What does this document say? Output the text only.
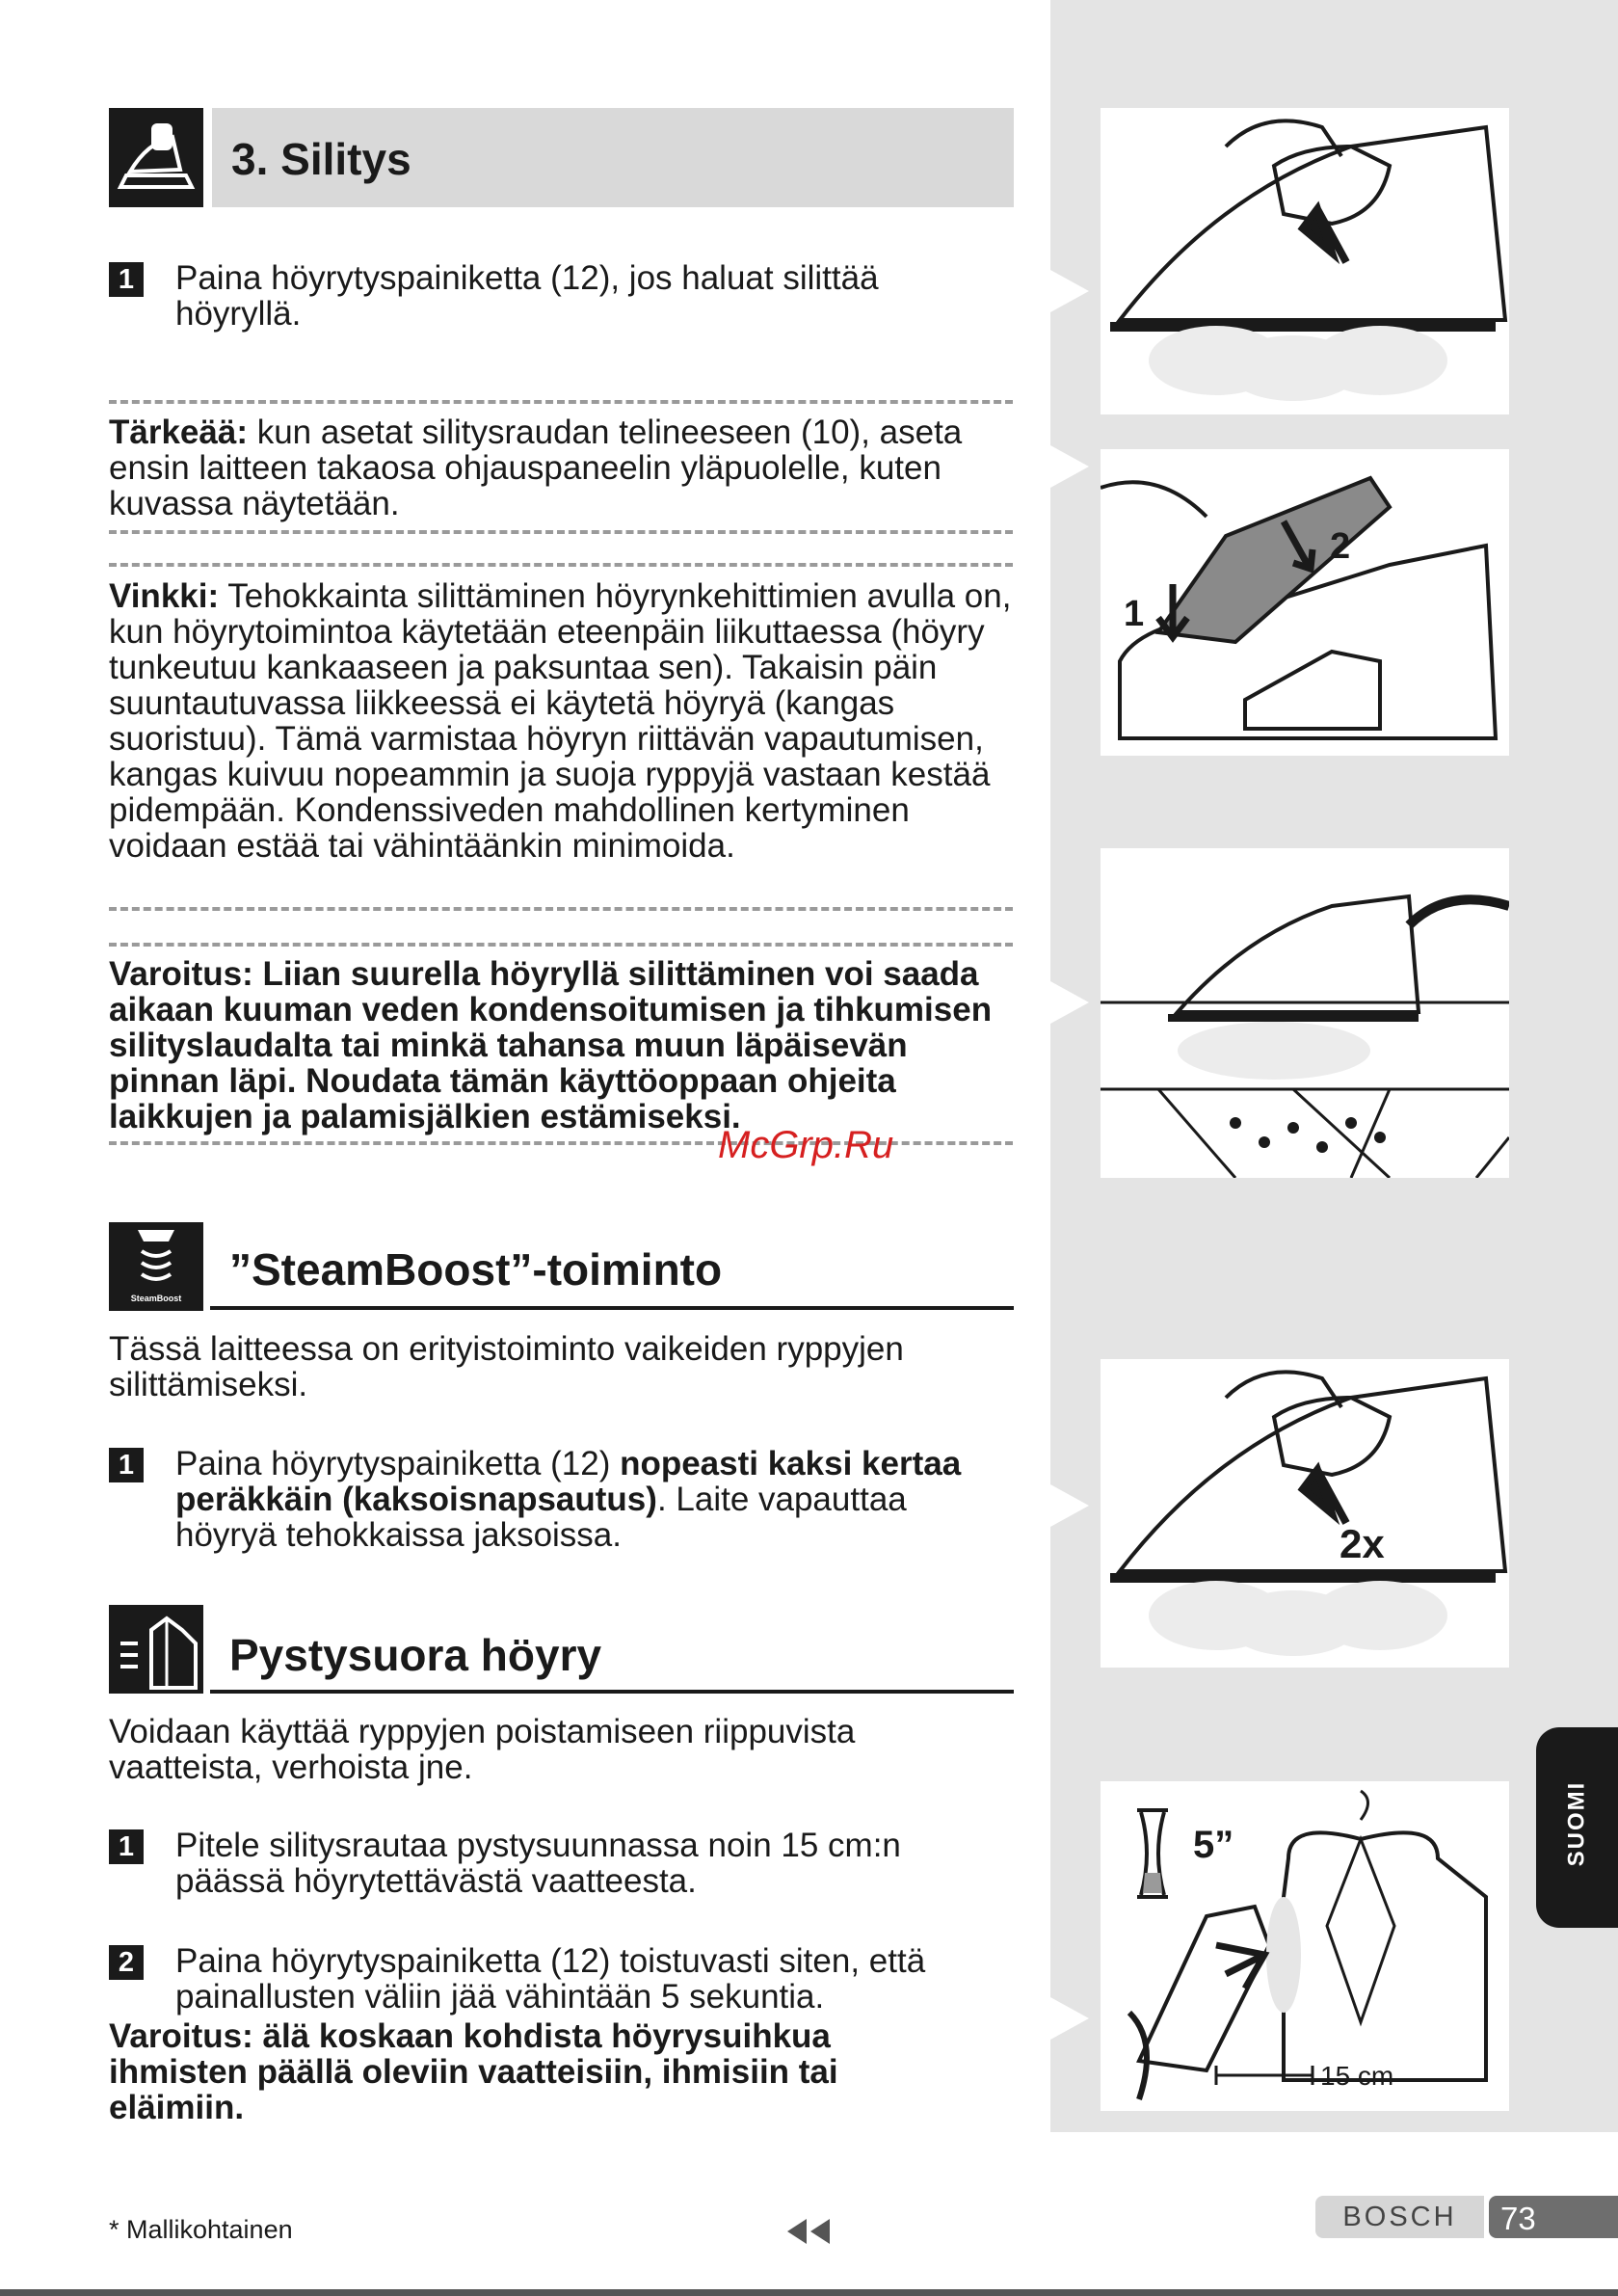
1
2
2x
5”
15 cm
SUOMI
3. Silitys
1 Paina höyrytyspainiketta (12), jos haluat silittää höyryllä.

Tärkeää: kun asetat silitysraudan telineeseen (10), aseta ensin laitteen takaosa ohjauspaneelin yläpuolelle, kuten kuvassa näytetään.

Vinkki: Tehokkainta silittäminen höyrynkehittimien avulla on, kun höyrytoimintoa käytetään eteenpäin liikuttaessa (höyry tunkeutuu kankaaseen ja paksuntaa sen). Takaisin päin suuntautuvassa liikkeessä ei käytetä höyryä (kangas suoristuu). Tämä varmistaa höyryn riittävän vapautumisen, kangas kuivuu nopeammin ja suoja ryppyjä vastaan kestää pidempään. Kondenssiveden mahdollinen kertyminen voidaan estää tai vähintäänkin minimoida.

Varoitus: Liian suurella höyryllä silittäminen voi saada aikaan kuuman veden kondensoitumisen ja tihkumisen silityslaudalta tai minkä tahansa muun läpäisevän pinnan läpi. Noudata tämän käyttöoppaan ohjeita laikkujen ja palamisjälkien estämiseksi.

McGrp.Ru
SteamBoost
”SteamBoost”-toiminto

Tässä laitteessa on erityistoiminto vaikeiden ryppyjen silittämiseksi.

1 Paina höyrytyspainiketta (12) nopeasti kaksi kertaa peräkkäin (kaksoisnapsautus). Laite vapauttaa höyryä tehokkaissa jaksoissa.

Pystysuora höyry

Voidaan käyttää ryppyjen poistamiseen riippuvista vaatteista, verhoista jne.

1 Pitele silitysrautaa pystysuunnassa noin 15 cm:n päässä höyrytettävästä vaatteesta.

2 Paina höyrytyspainiketta (12) toistuvasti siten, että painallusten väliin jää vähintään 5 sekuntia.

Varoitus: älä koskaan kohdista höyrysuihkua ihmisten päällä oleviin vaatteisiin, ihmisiin tai eläimiin.

* Mallikohtainen	BOSCH	73
